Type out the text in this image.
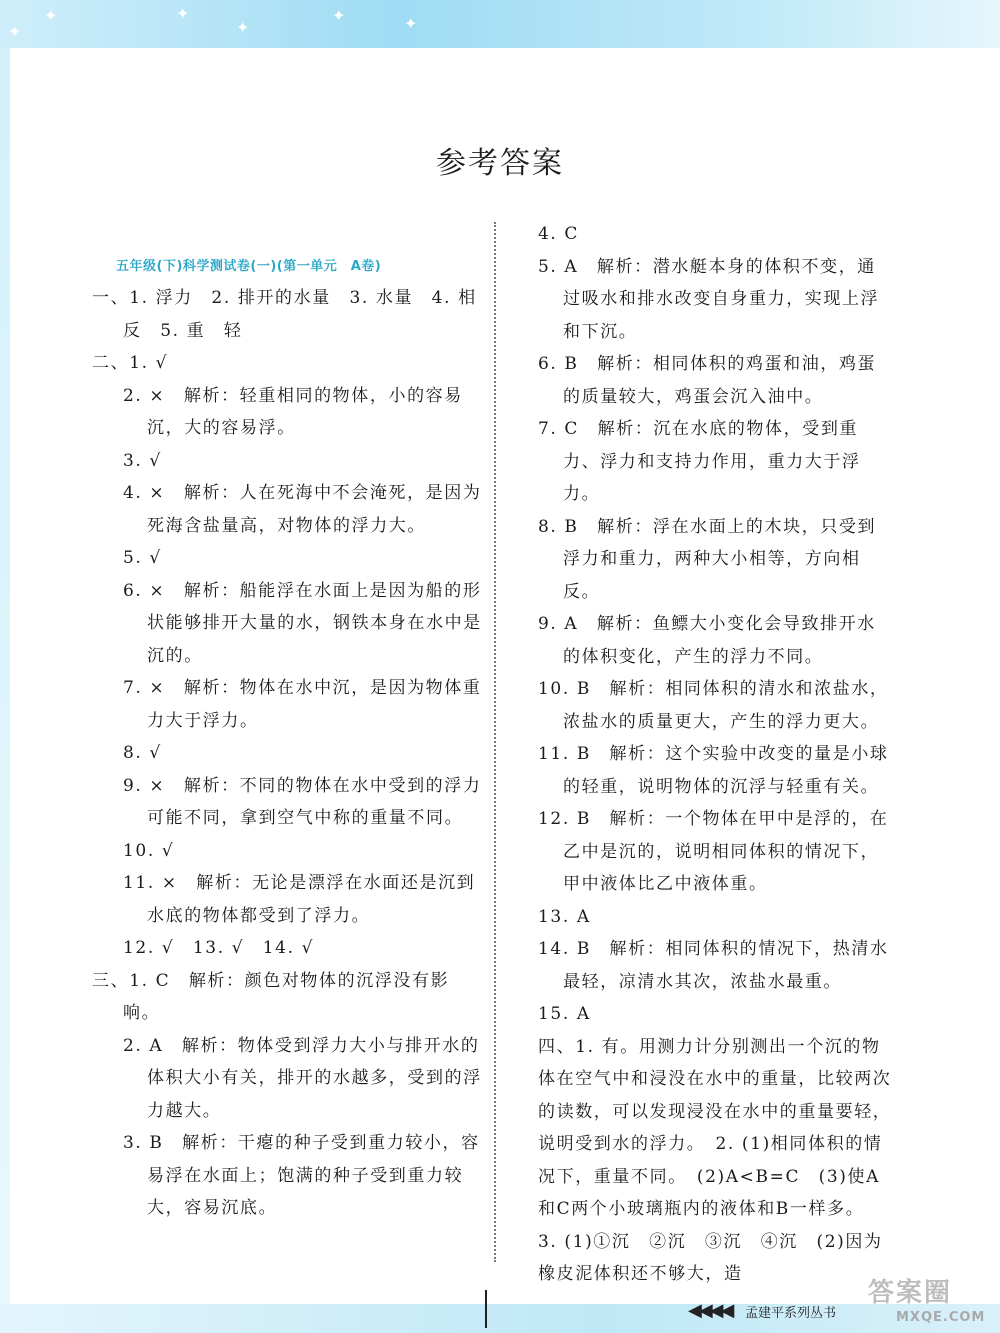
✦
✦
✦
✦
✦	✦
参考答案
五年级(下)科学测试卷(一)(第一单元　A卷)

一、1. 浮力　2. 排开的水量　3. 水量　4. 相反　5. 重　轻

二、1. √

2. ×　解析：轻重相同的物体，小的容易沉，大的容易浮。

3. √

4. ×　解析：人在死海中不会淹死，是因为死海含盐量高，对物体的浮力大。

5. √

6. ×　解析：船能浮在水面上是因为船的形状能够排开大量的水，钢铁本身在水中是沉的。

7. ×　解析：物体在水中沉，是因为物体重力大于浮力。

8. √

9. ×　解析：不同的物体在水中受到的浮力可能不同，拿到空气中称的重量不同。

10. √

11. ×　解析：无论是漂浮在水面还是沉到水底的物体都受到了浮力。

12. √　13. √　14. √

三、1. C　解析：颜色对物体的沉浮没有影响。

2. A　解析：物体受到浮力大小与排开水的体积大小有关，排开的水越多，受到的浮力越大。

3. B　解析：干瘪的种子受到重力较小，容易浮在水面上；饱满的种子受到重力较大，容易沉底。

4. C

5. A　解析：潜水艇本身的体积不变，通过吸水和排水改变自身重力，实现上浮和下沉。

6. B　解析：相同体积的鸡蛋和油，鸡蛋的质量较大，鸡蛋会沉入油中。

7. C　解析：沉在水底的物体，受到重力、浮力和支持力作用，重力大于浮力。

8. B　解析：浮在水面上的木块，只受到浮力和重力，两种大小相等，方向相反。

9. A　解析：鱼鳔大小变化会导致排开水的体积变化，产生的浮力不同。

10. B　解析：相同体积的清水和浓盐水，浓盐水的质量更大，产生的浮力更大。

11. B　解析：这个实验中改变的量是小球的轻重，说明物体的沉浮与轻重有关。

12. B　解析：一个物体在甲中是浮的，在乙中是沉的，说明相同体积的情况下，甲中液体比乙中液体重。

13. A

14. B　解析：相同体积的情况下，热清水最轻，凉清水其次，浓盐水最重。

15. A

四、1. 有。用测力计分别测出一个沉的物体在空气中和浸没在水中的重量，比较两次的读数，可以发现浸没在水中的重量要轻，说明受到水的浮力。　2. (1)相同体积的情况下，重量不同。　(2)A<B=C　(3)使A和C两个小玻璃瓶内的液体和B一样多。　3. (1)①沉　②沉　③沉　④沉　(2)因为橡皮泥体积还不够大，造

◀◀◀◀ 孟建平系列丛书
答案圈
MXQE.COM
